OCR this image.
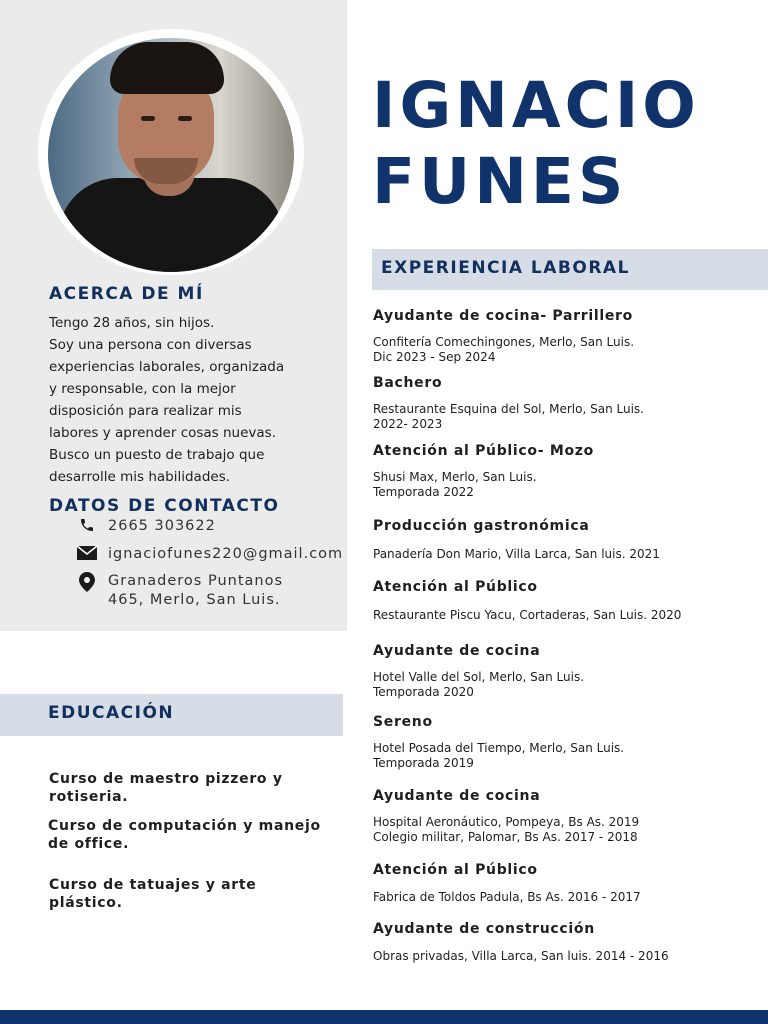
IGNACIO
FUNES
ACERCA DE MÍ
Tengo 28 años, sin hijos.
Soy una persona con diversas
experiencias laborales, organizada
y responsable, con la mejor
disposición para realizar mis
labores y aprender cosas nuevas.
Busco un puesto de trabajo que
desarrolle mis habilidades.
DATOS DE CONTACTO
2665 303622
ignaciofunes220@gmail.com
Granaderos Puntanos
465, Merlo, San Luis.
EDUCACIÓN

Curso de maestro pizzero y rotiseria.

Curso de computación y manejo de office.

Curso de tatuajes y arte plástico.

EXPERIENCIA LABORAL

Ayudante de cocina- Parrillero

Confitería Comechingones, Merlo, San Luis.

Dic 2023 - Sep 2024

Bachero

Restaurante Esquina del Sol, Merlo, San Luis.

2022- 2023

Atención al Público- Mozo

Shusi Max, Merlo, San Luis.

Temporada 2022

Producción gastronómica

Panadería Don Mario, Villa Larca, San luis. 2021

Atención al Público

Restaurante Piscu Yacu, Cortaderas, San Luis. 2020

Ayudante de cocina

Hotel Valle del Sol, Merlo, San Luis.

Temporada 2020

Sereno

Hotel Posada del Tiempo, Merlo, San Luis.

Temporada 2019

Ayudante de cocina

Hospital Aeronáutico, Pompeya, Bs As. 2019

Colegio militar, Palomar, Bs As. 2017 - 2018

Atención al Público

Fabrica de Toldos Padula, Bs As. 2016 - 2017

Ayudante de construcción

Obras privadas, Villa Larca, San luis. 2014 - 2016
